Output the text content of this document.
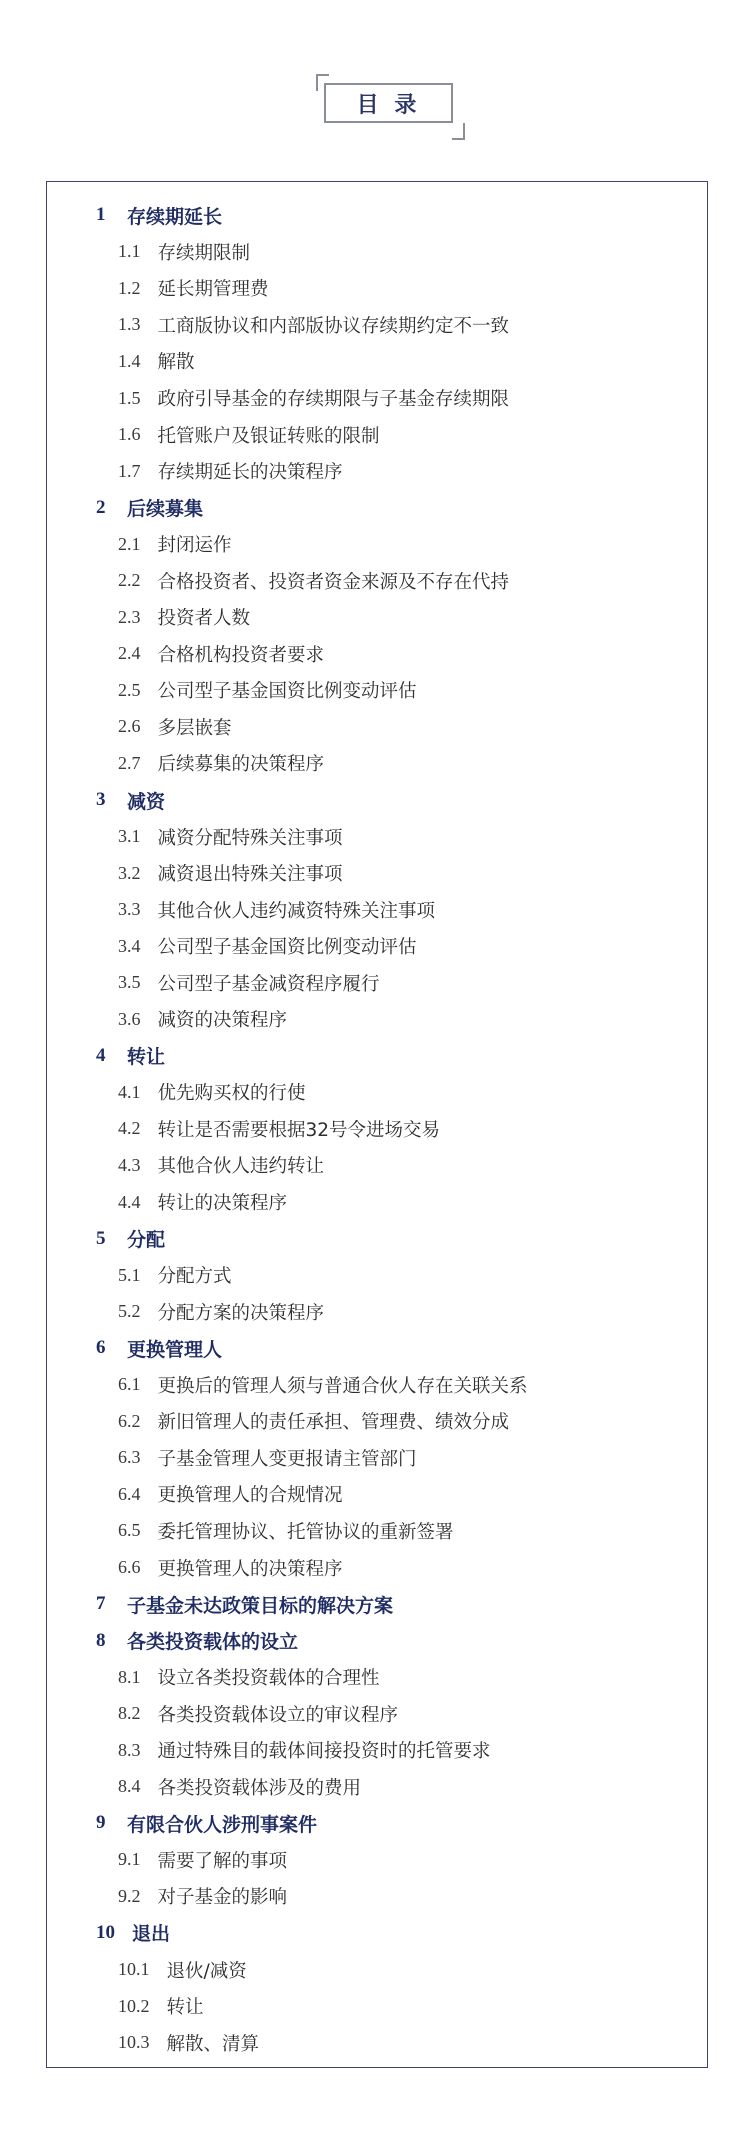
目 录
1 存续期延长
1.1 存续期限制
1.2 延长期管理费
1.3 工商版协议和内部版协议存续期约定不一致
1.4 解散
1.5 政府引导基金的存续期限与子基金存续期限
1.6 托管账户及银证转账的限制
1.7 存续期延长的决策程序
2 后续募集
2.1 封闭运作
2.2 合格投资者、投资者资金来源及不存在代持
2.3 投资者人数
2.4 合格机构投资者要求
2.5 公司型子基金国资比例变动评估
2.6 多层嵌套
2.7 后续募集的决策程序
3 减资
3.1 减资分配特殊关注事项
3.2 减资退出特殊关注事项
3.3 其他合伙人违约减资特殊关注事项
3.4 公司型子基金国资比例变动评估
3.5 公司型子基金减资程序履行
3.6 减资的决策程序
4 转让
4.1 优先购买权的行使
4.2 转让是否需要根据32号令进场交易
4.3 其他合伙人违约转让
4.4 转让的决策程序
5 分配
5.1 分配方式
5.2 分配方案的决策程序
6 更换管理人
6.1 更换后的管理人须与普通合伙人存在关联关系
6.2 新旧管理人的责任承担、管理费、绩效分成
6.3 子基金管理人变更报请主管部门
6.4 更换管理人的合规情况
6.5 委托管理协议、托管协议的重新签署
6.6 更换管理人的决策程序
7 子基金未达政策目标的解决方案
8 各类投资载体的设立
8.1 设立各类投资载体的合理性
8.2 各类投资载体设立的审议程序
8.3 通过特殊目的载体间接投资时的托管要求
8.4 各类投资载体涉及的费用
9 有限合伙人涉刑事案件
9.1 需要了解的事项
9.2 对子基金的影响
10 退出
10.1 退伙/减资
10.2 转让
10.3 解散、清算
